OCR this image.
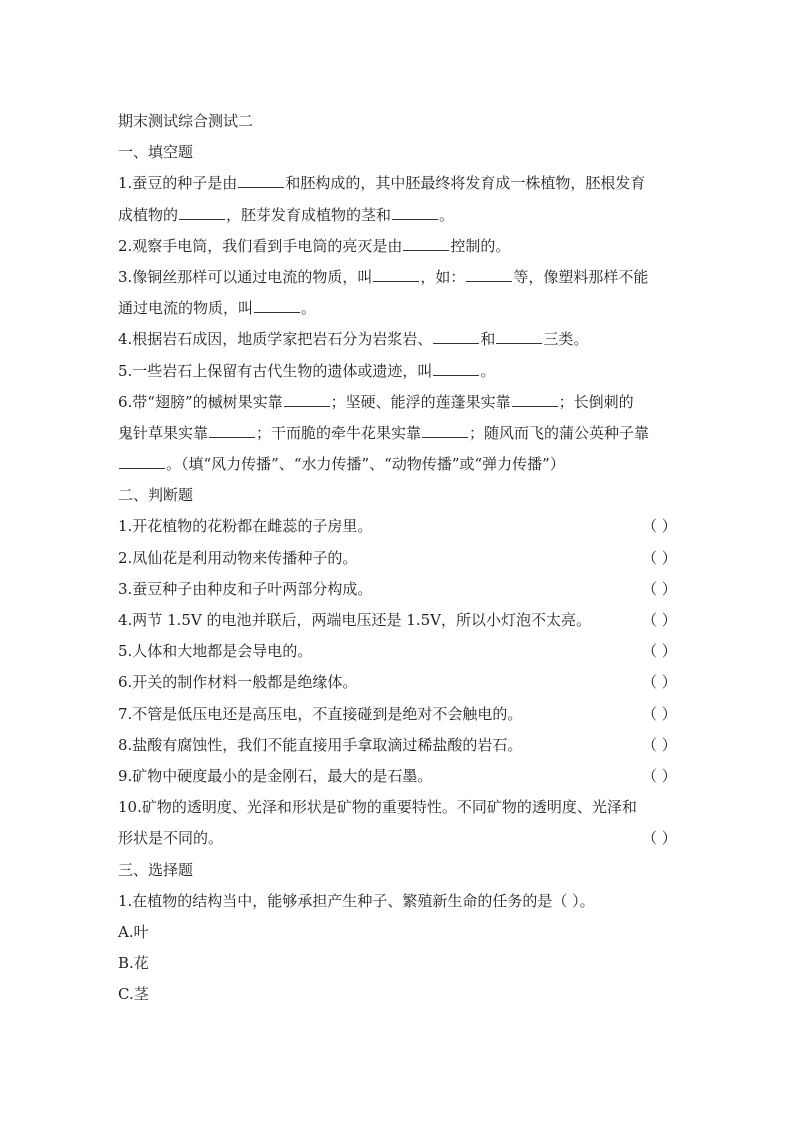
期末测试综合测试二
一、填空题
1.蚕豆的种子是由	和胚构成的，其中胚最终将发育成一株植物，胚根发育
成植物的	，胚芽发育成植物的茎和	。
2.观察手电筒，我们看到手电筒的亮灭是由	控制的。
3.像铜丝那样可以通过电流的物质，叫	，如：	等，像塑料那样不能
通过电流的物质，叫	。
4.根据岩石成因，地质学家把岩石分为岩浆岩、	和	三类。
5.一些岩石上保留有古代生物的遗体或遗迹，叫	。
6.带“翅膀”的槭树果实靠	；坚硬、能浮的莲蓬果实靠	；长倒刺的
鬼针草果实靠	；干而脆的牵牛花果实靠	；随风而飞的蒲公英种子靠
。（填“风力传播”、“水力传播”、“动物传播”或“弹力传播”）
二、判断题
1.开花植物的花粉都在雌蕊的子房里。	（ ）
2.凤仙花是利用动物来传播种子的。	（ ）
3.蚕豆种子由种皮和子叶两部分构成。	（ ）
4.两节 1.5V 的电池并联后，两端电压还是 1.5V，所以小灯泡不太亮。	（ ）
5.人体和大地都是会导电的。	（ ）
6.开关的制作材料一般都是绝缘体。	（ ）
7.不管是低压电还是高压电，不直接碰到是绝对不会触电的。	（ ）
8.盐酸有腐蚀性，我们不能直接用手拿取滴过稀盐酸的岩石。	（ ）
9.矿物中硬度最小的是金刚石，最大的是石墨。	（ ）
10.矿物的透明度、光泽和形状是矿物的重要特性。不同矿物的透明度、光泽和
形状是不同的。	（ ）
三、选择题
1.在植物的结构当中，能够承担产生种子、繁殖新生命的任务的是（ ）。
A.叶
B.花
C.茎
